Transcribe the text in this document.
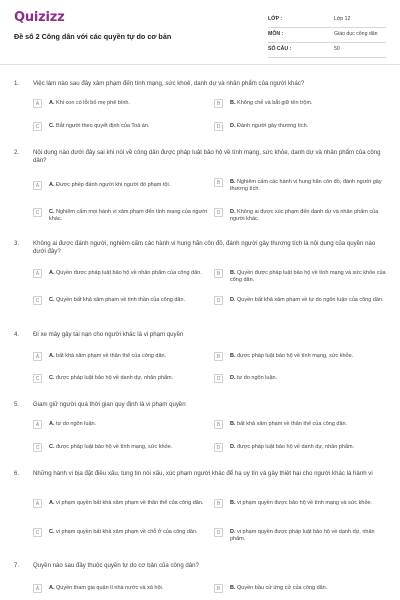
Quizizz
Đề số 2 Công dân với các quyền tự do cơ bản
LỚP :	Lớp 12
MÔN :	Giáo dục công dân
SỐ CÂU :	50
1. Việc làm nào sau đây xâm phạm đến tính mạng, sức khoẻ, danh dự và nhân phẩm của người khác?
A	A. Khi con có lỗi bố mẹ phê bình.	B	B. Không chế và bắt giữ tên trộm.
C	C. Bắt người theo quyết định của Toà án.	D	D. Đánh người gây thương tích.
2. Nội dung nào dưới đây sai khi nói về công dân được pháp luật bảo hộ về tính mạng, sức khỏe, danh dự và nhân phẩm của công dân?
A	A. Được phép đánh người khi người đó phạm tội.	B	B. Nghiêm cấm các hành vi hung hãn côn đồ, đánh người gây thương tích.
C	C. Nghiêm cấm mọi hành vi xâm phạm đến tính mạng của người khác.
D	D. Không ai được xúc phạm đến danh dự và nhân phẩm của người khác.
3. Không ai được đánh người, nghiêm cấm các hành vi hung hãn côn đồ, đánh người gây thương tích là nội dung của quyền nào dưới đây?
A	A. Quyền được pháp luật bảo hộ về nhân phẩm của công dân.	B	B. Quyền được pháp luật bảo hộ về tính mạng và sức khỏe của công dân.
C	C. Quyền bất khả xâm phạm về tinh thần của công dân.	D	D. Quyền bất khả xâm phạm về tự do ngôn luận của công dân.
4. Đi xe máy gây tai nạn cho người khác là vi phạm quyền
A	A. bất khả xâm phạm về thân thể của công dân.	B	B. được pháp luật bảo hộ về tính mạng, sức khỏe.
C	C. được pháp luật bảo hộ về danh dự, nhân phẩm.	D	D. tự do ngôn luận.
5. Giam giữ người quá thời gian quy định là vi phạm quyền
A	A. tự do ngôn luận.	B	B. bất khả xâm phạm về thân thể của công dân.
C	C. được pháp luật bảo hộ về tính mạng, sức khỏe.	D	D. được pháp luật bảo hộ về danh dự, nhân phẩm.
6. Những hành vi bịa đặt điều xấu, tung tin nói xấu, xúc phạm người khác để hạ uy tín và gây thiệt hại cho người khác là hành vi
A	A. vi phạm quyền bất khả xâm phạm về thân thể của công dân.	B	B. vi phạm quyền được bảo hộ về tính mạng và sức khỏe.
C	C. vi phạm quyền bất khả xâm phạm về chỗ ở của công dân.	D	D. vi phạm quyền được pháp luật bảo hộ về danh dự, nhân phẩm.
7. Quyền nào sau đây thuộc quyền tự do cơ bản của công dân?
A	A. Quyền tham gia quản lí nhà nước và xã hội.	B	B. Quyền bầu cử ứng cử của công dân.
